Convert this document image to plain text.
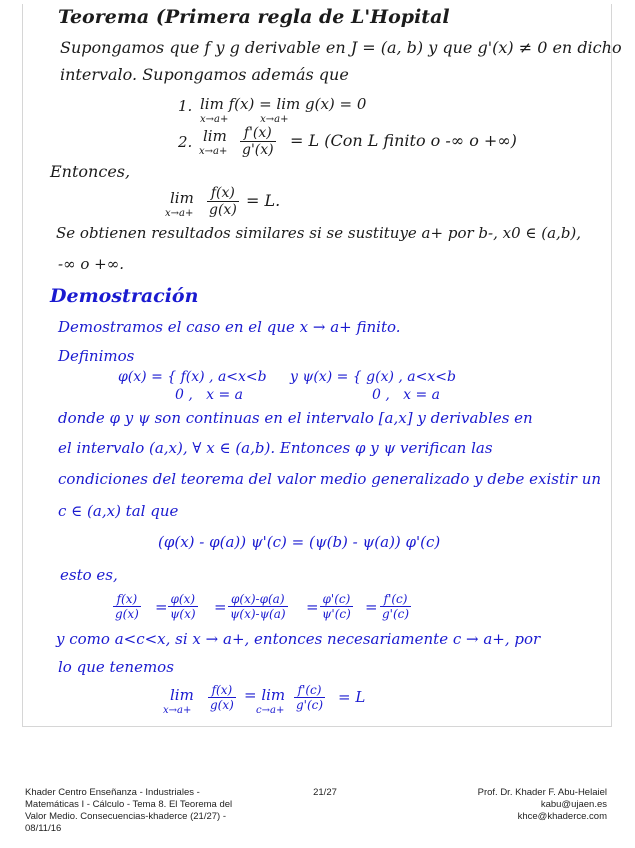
Teorema (Primera regla de L'Hopital
Supongamos que f y g derivable en J = (a, b) y que g'(x) ≠ 0 en dicho
intervalo. Supongamos además que
1. lim f(x) = lim g(x) = 0
x→a+          x→a+
2. lim
$x\to a+ \frac{f'(x)}{g'(x)} = L$ (Con L finito o -∞ o +∞)
Entonces,
lim
$x\to a+ \frac{f(x)}{g(x)} = L$.
Se obtienen resultados similares si se sustituye a+ por b-, x0 ∈ (a,b),
-∞ o +∞.
Demostración
Demostramos el caso en el que x → a+ finito.
Definimos
φ(x) = { f(x) , a<x<b
0 ,   x = a
y ψ(x) = { g(x) , a<x<b
0 ,   x = a
donde φ y ψ son continuas en el intervalo [a,x] y derivables en
el intervalo (a,x), ∀ x ∈ (a,b). Entonces φ y ψ verifican las
condiciones del teorema del valor medio generalizado y debe existir un
c ∈ (a,x) tal que
(φ(x) - φ(a)) ψ'(c) = (ψ(b) - ψ(a)) φ'(c)
esto es,
$\frac{f(x)}{g(x)} = \frac{\varphi(x)}{\psi(x)} = \frac{\varphi(x)-\varphi(a)}{\psi(x)-\psi(a)} = \frac{\varphi'(c)}{\psi'(c)} = \frac{f'(c)}{g'(c)}$
y como a<c<x, si x → a+, entonces necesariamente c → a+, por
lo que tenemos
lim
$x\to a+ \frac{f(x)}{g(x)} = \lim$
$c\to a+ \frac{f'(c)}{g'(c)} = L$
Khader Centro Enseñanza - Industriales -
Matemáticas I - Cálculo - Tema 8. El Teorema del
Valor Medio. Consecuencias-khaderce (21/27) -
08/11/16
21/27	Prof. Dr. Khader F. Abu-Helaiel
kabu@ujaen.es
khce@khaderce.com
